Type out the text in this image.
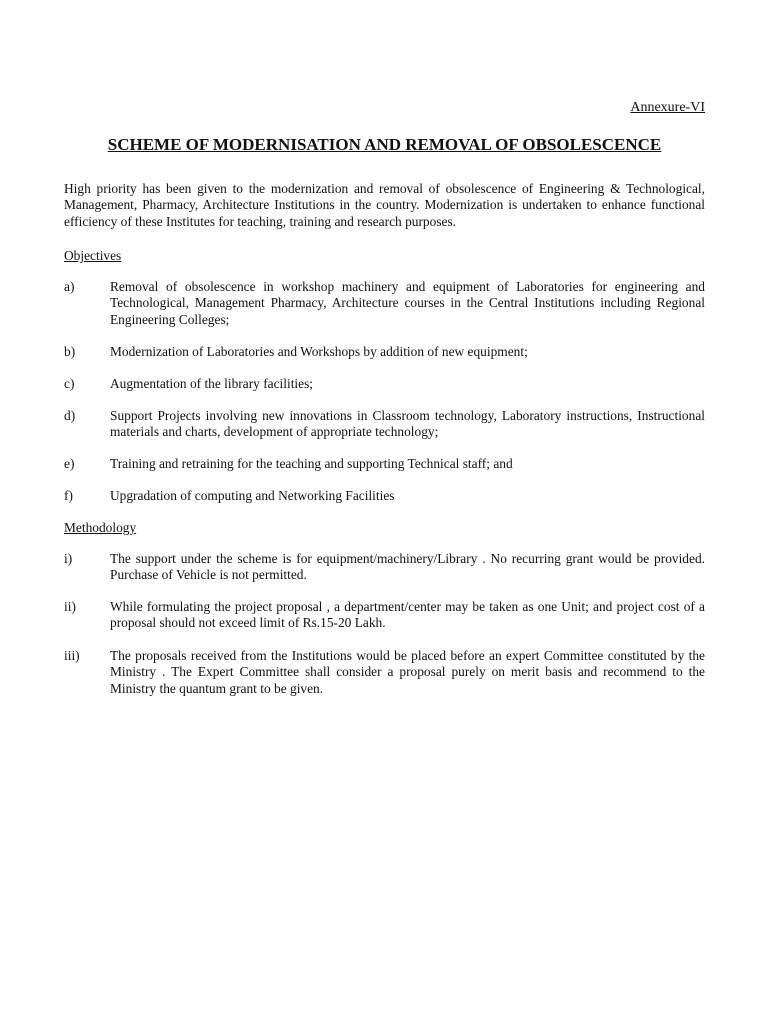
Annexure-VI
SCHEME OF MODERNISATION AND REMOVAL OF OBSOLESCENCE

High priority has been given to the modernization and removal of obsolescence of Engineering & Technological, Management, Pharmacy, Architecture Institutions in the country. Modernization is undertaken to enhance functional efficiency of these Institutes for teaching, training and research purposes.

Objectives
a)	Removal of obsolescence in workshop machinery and equipment of Laboratories for engineering and Technological, Management Pharmacy, Architecture courses in the Central Institutions including Regional Engineering Colleges;
b)	Modernization of Laboratories and Workshops by addition of new equipment;
c)	Augmentation of the library facilities;
d)	Support Projects involving new innovations in Classroom technology, Laboratory instructions, Instructional materials and charts, development of appropriate technology;
e)	Training and retraining for the teaching and supporting Technical staff; and
f)	Upgradation of computing and Networking Facilities
Methodology
i)	The support under the scheme is for equipment/machinery/Library . No recurring grant would be provided. Purchase of Vehicle is not permitted.
ii)	While formulating the project proposal , a department/center may be taken as one Unit; and project cost of a proposal should not exceed limit of Rs.15-20 Lakh.
iii) The proposals received from the Institutions would be placed before an expert Committee constituted by the Ministry . The Expert Committee shall consider a proposal purely on merit basis and recommend to the Ministry the quantum grant to be given.
